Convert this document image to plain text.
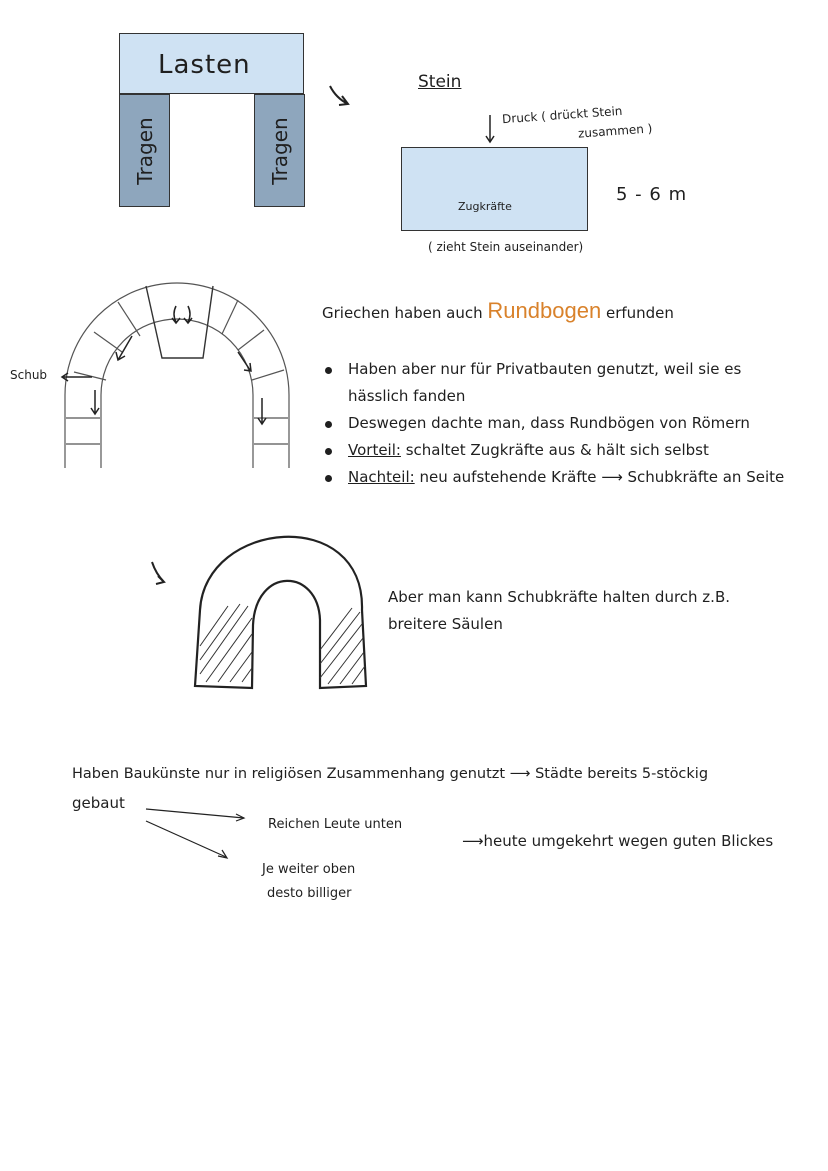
Lasten
Tragen	Tragen
Stein
Druck ( drückt Stein
zusammen )
Zugkräfte
( zieht Stein auseinander)
5 - 6 m
Schub
Griechen haben auch Rundbogen erfunden
Haben aber nur für Privatbauten genutzt, weil sie es hässlich fanden
Deswegen dachte man, dass Rundbögen von Römern
Vorteil: schaltet Zugkräfte aus & hält sich selbst
Nachteil: neu aufstehende Kräfte ⟶ Schubkräfte an Seite
Aber man kann Schubkräfte halten durch z.B.
breitere Säulen
Haben Baukünste nur in religiösen Zusammenhang genutzt ⟶ Städte bereits 5-stöckig
gebaut
Reichen Leute unten
Je weiter oben
desto billiger
⟶heute umgekehrt wegen guten Blickes
